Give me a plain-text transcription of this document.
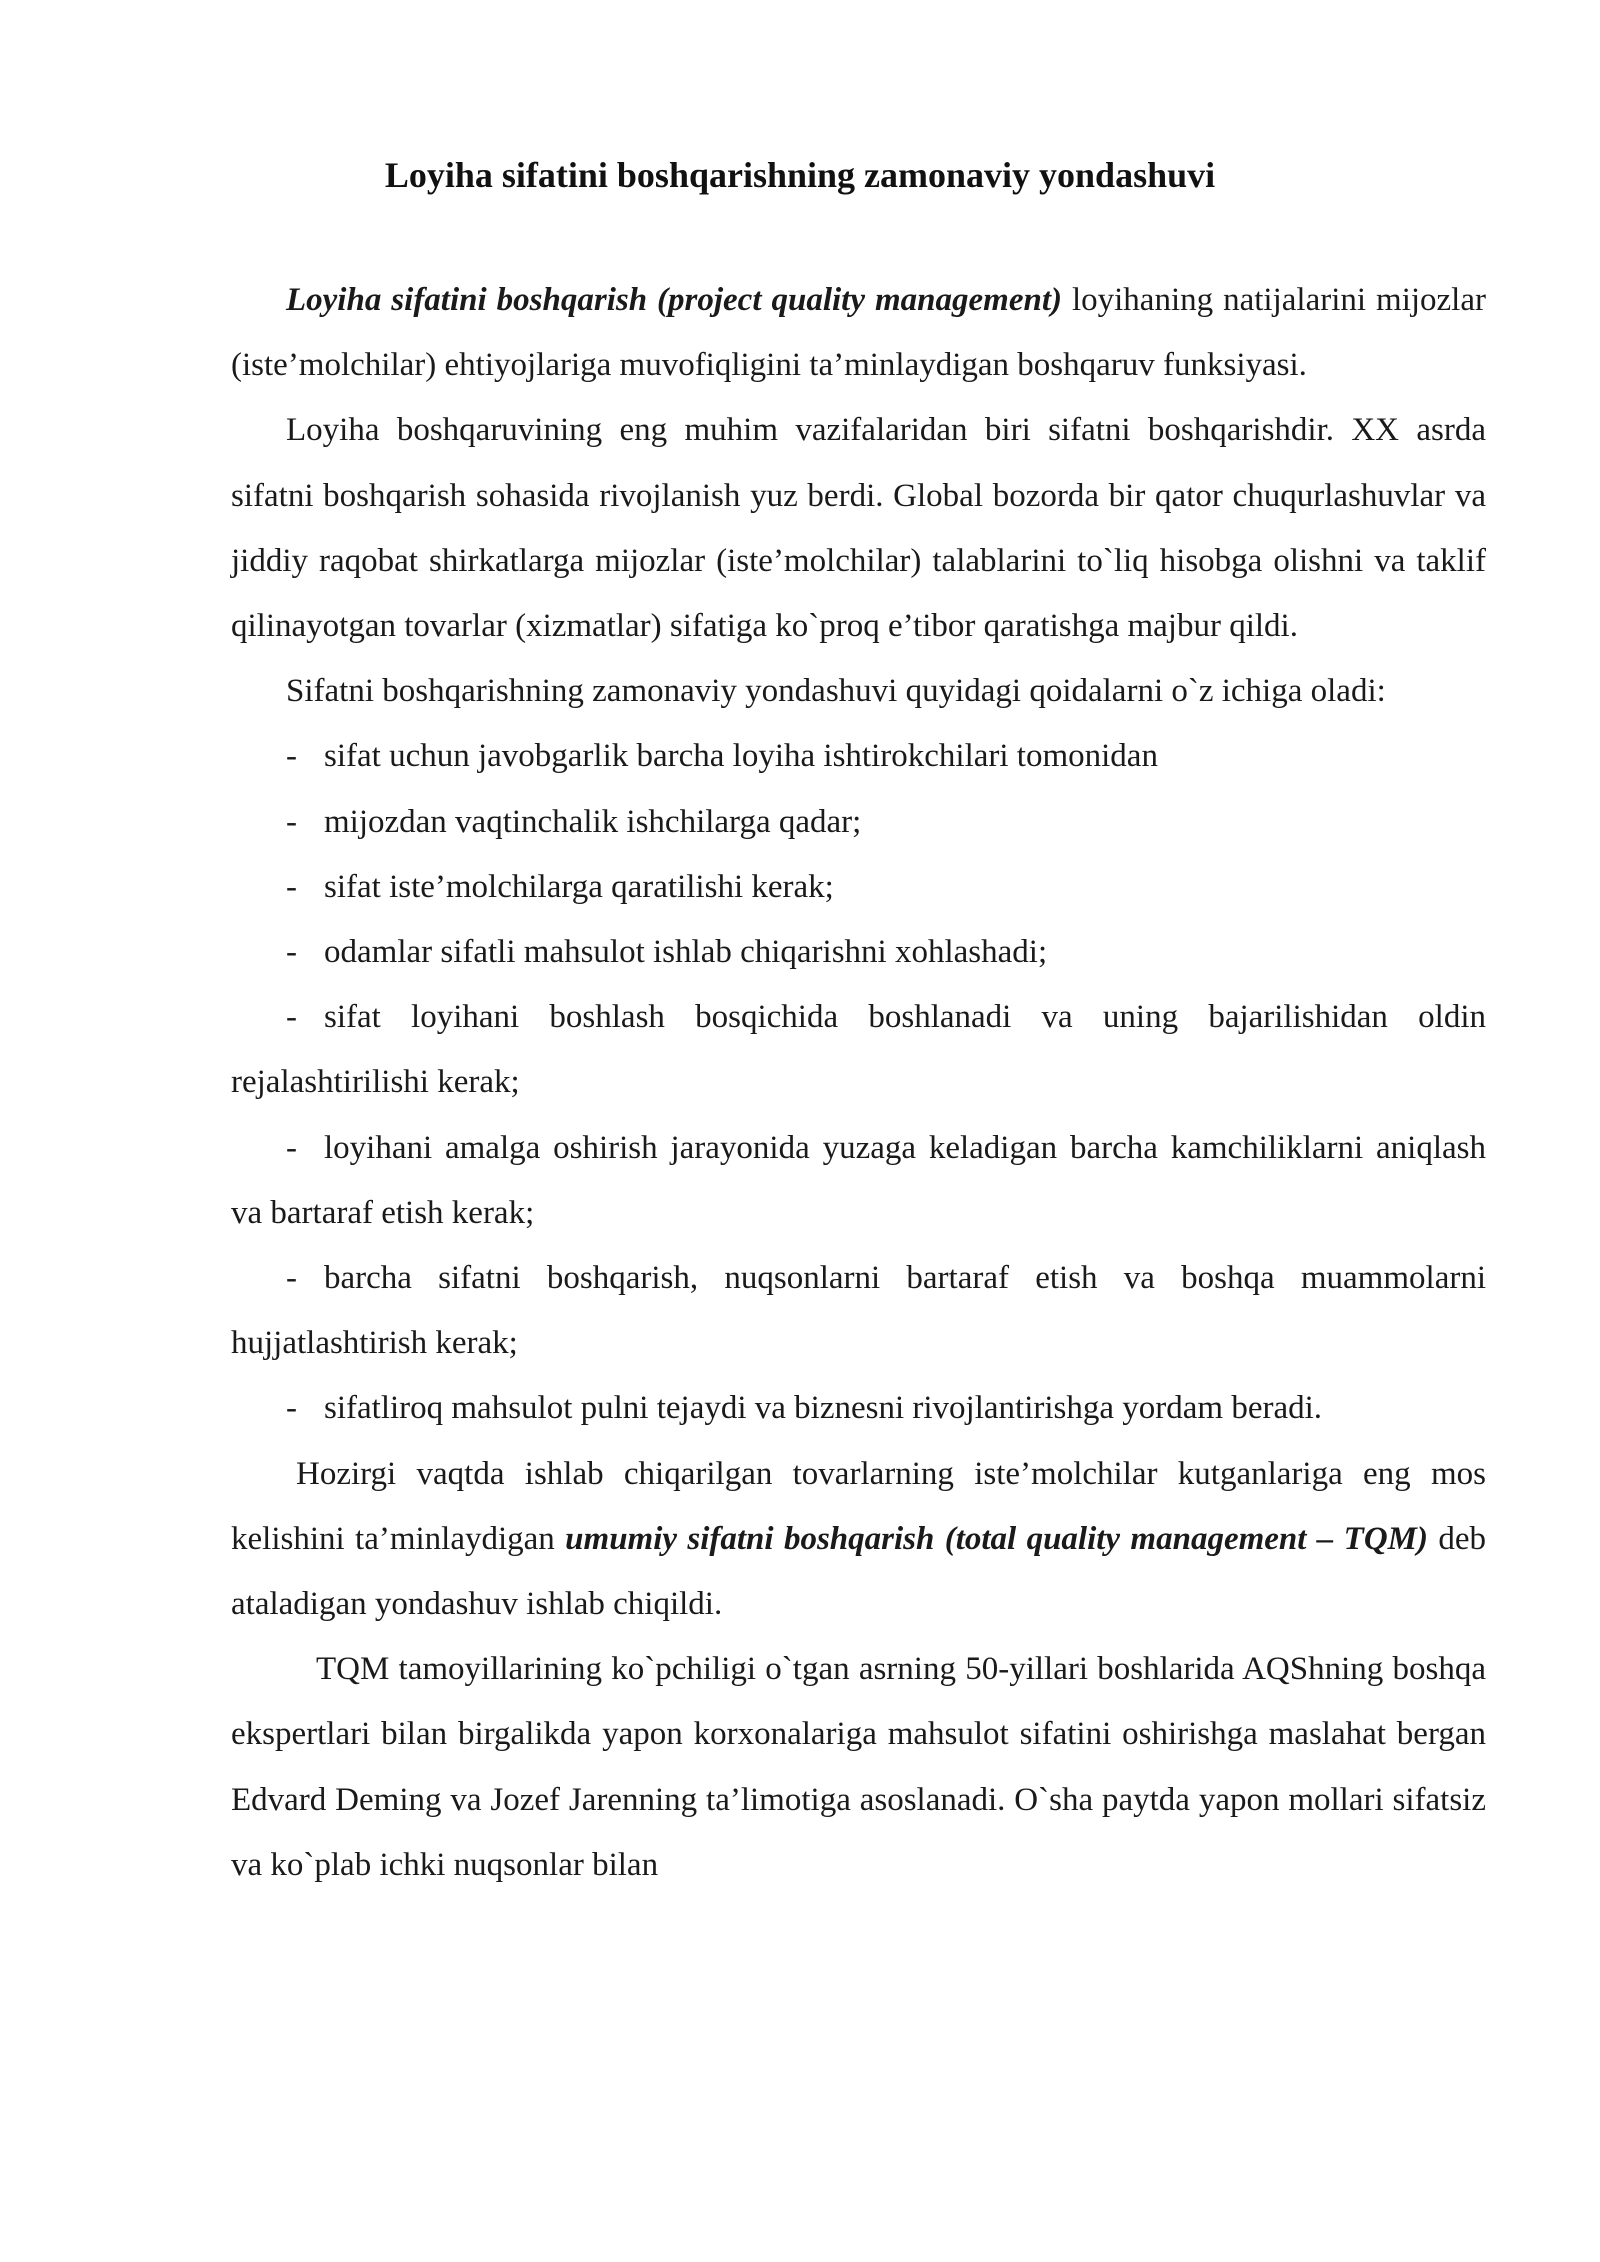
Loyiha sifatini boshqarishning zamonaviy yondashuvi

Loyiha sifatini boshqarish (project quality management) loyihaning natijalarini mijozlar (iste’molchilar) ehtiyojlariga muvofiqligini ta’minlaydigan boshqaruv funksiyasi.

Loyiha boshqaruvining eng muhim vazifalaridan biri sifatni boshqarishdir. XX asrda sifatni boshqarish sohasida rivojlanish yuz berdi. Global bozorda bir qator chuqurlashuvlar va jiddiy raqobat shirkatlarga mijozlar (iste’molchilar) talablarini to`liq hisobga olishni va taklif qilinayotgan tovarlar (xizmatlar) sifatiga ko`proq e’tibor qaratishga majbur qildi.

Sifatni boshqarishning zamonaviy yondashuvi quyidagi qoidalarni o`z ichiga oladi:

- sifat uchun javobgarlik barcha loyiha ishtirokchilari tomonidan

- mijozdan vaqtinchalik ishchilarga qadar;

- sifat iste’molchilarga qaratilishi kerak;

- odamlar sifatli mahsulot ishlab chiqarishni xohlashadi;

- sifat loyihani boshlash bosqichida boshlanadi va uning bajarilishidan oldin rejalashtirilishi kerak;

- loyihani amalga oshirish jarayonida yuzaga keladigan barcha kamchiliklarni aniqlash va bartaraf etish kerak;

- barcha sifatni boshqarish, nuqsonlarni bartaraf etish va boshqa muammolarni hujjatlashtirish kerak;

- sifatliroq mahsulot pulni tejaydi va biznesni rivojlantirishga yordam beradi.

Hozirgi vaqtda ishlab chiqarilgan tovarlarning iste’molchilar kutganlariga eng mos kelishini ta’minlaydigan umumiy sifatni boshqarish (total quality management – TQM) deb ataladigan yondashuv ishlab chiqildi.

TQM tamoyillarining ko`pchiligi o`tgan asrning 50-yillari boshlarida AQShning boshqa ekspertlari bilan birgalikda yapon korxonalariga mahsulot sifatini oshirishga maslahat bergan Edvard Deming va Jozef Jarenning ta’limotiga asoslanadi. O`sha paytda yapon mollari sifatsiz va ko`plab ichki nuqsonlar bilan
